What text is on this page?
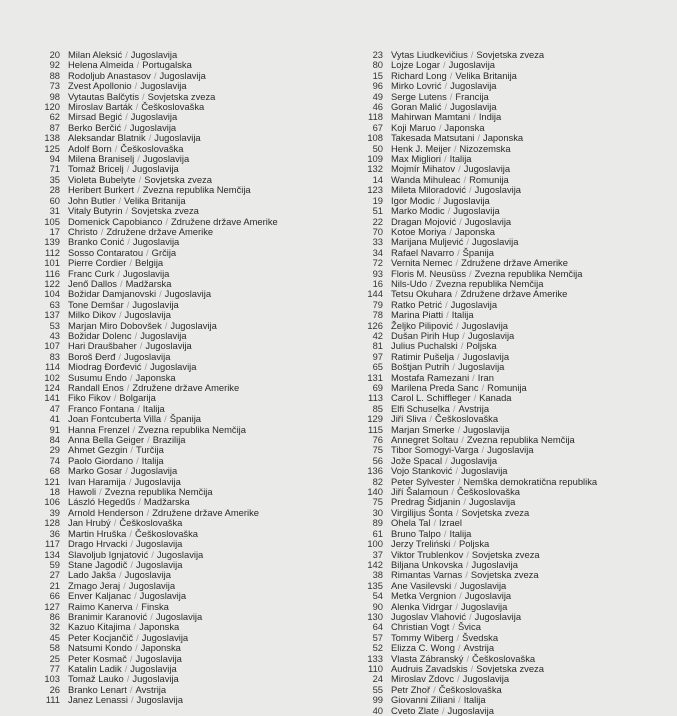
20 Milan Aleksić / Jugoslavija
92 Helena Almeida / Portugalska
88 Rodoljub Anastasov / Jugoslavija
73 Zvest Apollonio / Jugoslavija
98 Vytautas Balčytis / Sovjetska zveza
120 Miroslav Barták / Češkoslovaška
62 Mirsad Begić / Jugoslavija
87 Berko Berčić / Jugoslavija
138 Aleksandar Blatnik / Jugoslavija
125 Adolf Born / Češkoslovaška
94 Milena Braniselj / Jugoslavija
71 Tomaž Bricelj / Jugoslavija
35 Violeta Bubelyte / Sovjetska zveza
28 Heribert Burkert / Zvezna republika Nemčija
60 John Butler / Velika Britanija
31 Vitaly Butyrin / Sovjetska zveza
105 Domenick Capobianco / Združene države Amerike
17 Christo / Združene države Amerike
139 Branko Conić / Jugoslavija
112 Sosso Contaratou / Grčija
101 Pierre Cordier / Belgija
116 Franc Curk / Jugoslavija
122 Jenő Dallos / Madžarska
104 Božidar Damjanovski / Jugoslavija
63 Tone Demšar / Jugoslavija
137 Milko Dikov / Jugoslavija
53 Marjan Miro Dobovšek / Jugoslavija
43 Božidar Dolenc / Jugoslavija
107 Hari Draušbaher / Jugoslavija
83 Boroš Đerđ / Jugoslavija
114 Miodrag Đorđević / Jugoslavija
102 Susumu Endo / Japonska
124 Randall Enos / Združene države Amerike
141 Fiko Fikov / Bolgarija
47 Franco Fontana / Italija
41 Joan Fontcuberta Villa / Španija
91 Hanna Frenzel / Zvezna republika Nemčija
84 Anna Bella Geiger / Brazilija
29 Ahmet Gezgin / Turčija
74 Paolo Giordano / Italija
68 Marko Gosar / Jugoslavija
121 Ivan Haramija / Jugoslavija
18 Hawoli / Zvezna republika Nemčija
106 László Hegedűs / Madžarska
39 Arnold Henderson / Združene države Amerike
128 Jan Hrubý / Češkoslovaška
36 Martin Hruška / Češkoslovaška
117 Drago Hrvacki / Jugoslavija
134 Slavoljub Ignjatović / Jugoslavija
59 Stane Jagodič / Jugoslavija
27 Lado Jakša / Jugoslavija
21 Zmago Jeraj / Jugoslavija
66 Enver Kaljanac / Jugoslavija
127 Raimo Kanerva / Finska
86 Branimir Karanović / Jugoslavija
32 Kazuo Kitajima / Japonska
45 Peter Kocjančič / Jugoslavija
58 Natsumi Kondo / Japonska
25 Peter Kosmač / Jugoslavija
77 Katalin Ladik / Jugoslavija
103 Tomaž Lauko / Jugoslavija
26 Branko Lenart / Avstrija
111 Janez Lenassi / Jugoslavija
23 Vytas Liudkevičius / Sovjetska zveza
80 Lojze Logar / Jugoslavija
15 Richard Long / Velika Britanija
96 Mirko Lovrić / Jugoslavija
49 Serge Lutens / Francija
46 Goran Malić / Jugoslavija
118 Mahirwan Mamtani / Indija
67 Koji Maruo / Japonska
108 Takesada Matsutani / Japonska
50 Henk J. Meijer / Nizozemska
109 Max Migliori / Italija
132 Mojmír Mihatov / Jugoslavija
14 Wanda Mihuleac / Romunija
123 Mileta Miloradović / Jugoslavija
19 Igor Modic / Jugoslavija
51 Marko Modic / Jugoslavija
22 Dragan Mojović / Jugoslavija
70 Kotoe Moriya / Japonska
33 Marijana Muljević / Jugoslavija
34 Rafael Navarro / Španija
72 Vernita Nemec / Združene države Amerike
93 Floris M. Neusüss / Zvezna republika Nemčija
16 Nils-Udo / Zvezna republika Nemčija
144 Tetsu Okuhara / Združene države Amerike
79 Ratko Petrić / Jugoslavija
78 Marina Piatti / Italija
126 Željko Pilipović / Jugoslavija
42 Dušan Pirih Hup / Jugoslavija
81 Julius Puchalski / Poljska
97 Ratimir Pušelja / Jugoslavija
65 Boštjan Putrih / Jugoslavija
131 Mostafa Ramezani / Iran
69 Marilena Preda Sanc / Romunija
113 Carol L. Schiffleger / Kanada
85 Elfi Schuselka / Avstrija
129 Jiří Sliva / Češkoslovaška
115 Marjan Smerke / Jugoslavija
76 Annegret Soltau / Zvezna republika Nemčija
75 Tibor Somogyi-Varga / Jugoslavija
56 Jože Spacal / Jugoslavija
136 Vojo Stanković / Jugoslavija
82 Peter Sylvester / Nemška demokratična republika
140 Jiří Šalamoun / Češkoslovaška
75 Predrag Šidjanin / Jugoslavija
30 Virgilijus Šonta / Sovjetska zveza
89 Ohela Tal / Izrael
61 Bruno Talpo / Italija
100 Jerzy Treliński / Poljska
37 Viktor Trublenkov / Sovjetska zveza
142 Biljana Unkovska / Jugoslavija
38 Rimantas Varnas / Sovjetska zveza
135 Ane Vasilevski / Jugoslavija
54 Metka Vergnion / Jugoslavija
90 Alenka Vidrgar / Jugoslavija
130 Jugoslav Vlahović / Jugoslavija
64 Christian Vogt / Švica
57 Tommy Wiberg / Švedska
52 Elizza C. Wong / Avstrija
133 Vlasta Zábranský / Češkoslovaška
110 Audruis Zavadskis / Sovjetska zveza
24 Miroslav Zdovc / Jugoslavija
55 Petr Zhoř / Češkoslovaška
99 Giovanni Ziliani / Italija
40 Cveto Zlate / Jugoslavija
